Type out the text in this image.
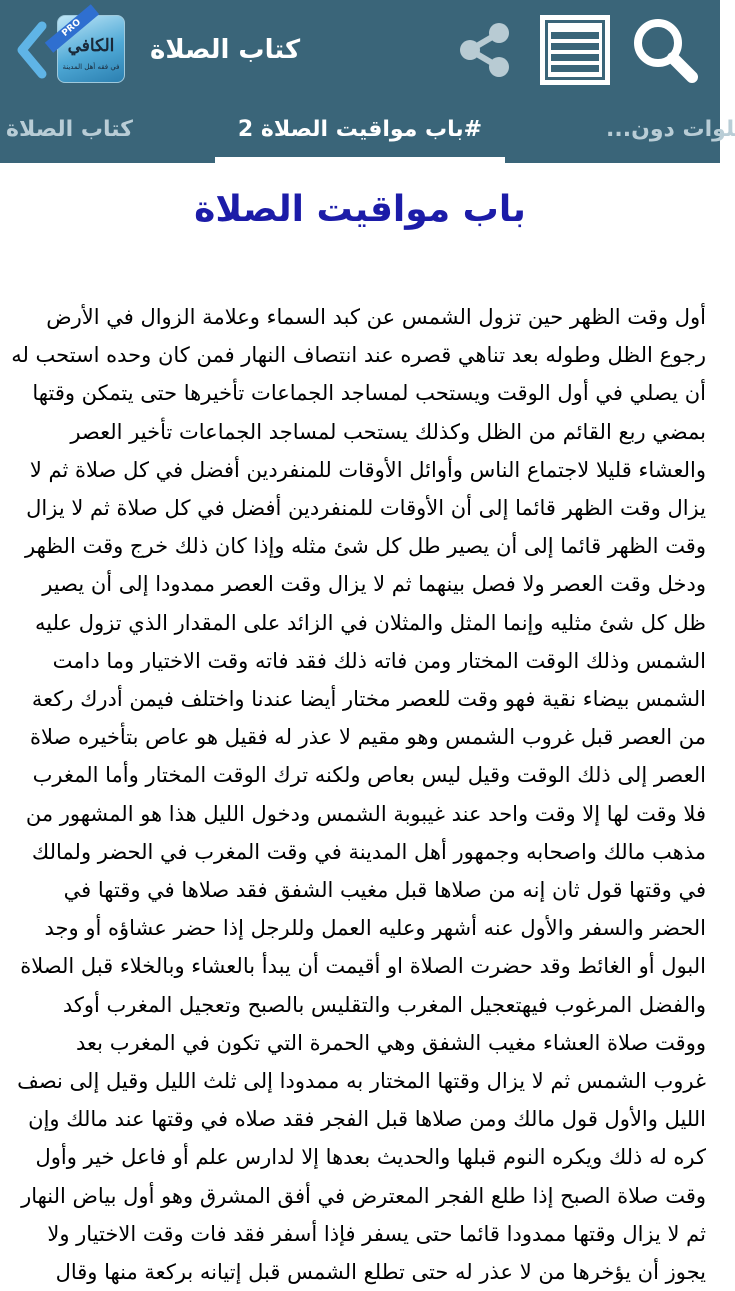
PRO
الكافي
في فقه أهل المدينة
كتاب الصلاة
كتاب الصلاة	باب مواقيت الصلاة 2#	...ﻠﻮات دون
باب مواقيت الصلاة
أول وقت الظهر حين تزول الشمس عن كبد السماء وعلامة الزوال في الأرض
رجوع الظل وطوله بعد تناهي قصره عند انتصاف النهار فمن كان وحده استحب له
أن يصلي في أول الوقت ويستحب لمساجد الجماعات تأخيرها حتى يتمكن وقتها
بمضي ربع القائم من الظل وكذلك يستحب لمساجد الجماعات تأخير العصر
والعشاء قليلا لاجتماع الناس وأوائل الأوقات للمنفردين أفضل في كل صلاة ثم لا
يزال وقت الظهر قائما إلى أن الأوقات للمنفردين أفضل في كل صلاة ثم لا يزال
وقت الظهر قائما إلى أن يصير طل كل شئ مثله وإذا كان ذلك خرج وقت الظهر
ودخل وقت العصر ولا فصل بينهما ثم لا يزال وقت العصر ممدودا إلى أن يصير
ظل كل شئ مثليه وإنما المثل والمثلان في الزائد على المقدار الذي تزول عليه
الشمس وذلك الوقت المختار ومن فاته ذلك فقد فاته وقت الاختيار وما دامت
الشمس بيضاء نقية فهو وقت للعصر مختار أيضا عندنا واختلف فيمن أدرك ركعة
من العصر قبل غروب الشمس وهو مقيم لا عذر له فقيل هو عاص بتأخيره صلاة
العصر إلى ذلك الوقت وقيل ليس بعاص ولكنه ترك الوقت المختار وأما المغرب
فلا وقت لها إلا وقت واحد عند غيبوبة الشمس ودخول الليل هذا هو المشهور من
مذهب مالك واصحابه وجمهور أهل المدينة في وقت المغرب في الحضر ولمالك
في وقتها قول ثان إنه من صلاها قبل مغيب الشفق فقد صلاها في وقتها في
الحضر والسفر والأول عنه أشهر وعليه العمل وللرجل إذا حضر عشاؤه أو وجد
البول أو الغائط وقد حضرت الصلاة او أقيمت أن يبدأ بالعشاء وبالخلاء قبل الصلاة
والفضل المرغوب فيهتعجيل المغرب والتقليس بالصبح وتعجيل المغرب أوكد
ووقت صلاة العشاء مغيب الشفق وهي الحمرة التي تكون في المغرب بعد
غروب الشمس ثم لا يزال وقتها المختار به ممدودا إلى ثلث الليل وقيل إلى نصف
الليل والأول قول مالك ومن صلاها قبل الفجر فقد صلاه في وقتها عند مالك وإن
كره له ذلك ويكره النوم قبلها والحديث بعدها إلا لدارس علم أو فاعل خير وأول
وقت صلاة الصبح إذا طلع الفجر المعترض في أفق المشرق وهو أول بياض النهار
ثم لا يزال وقتها ممدودا قائما حتى يسفر فإذا أسفر فقد فات وقت الاختيار ولا
يجوز أن يؤخرها من لا عذر له حتى تطلع الشمس قبل إتيانه بركعة منها وقال
